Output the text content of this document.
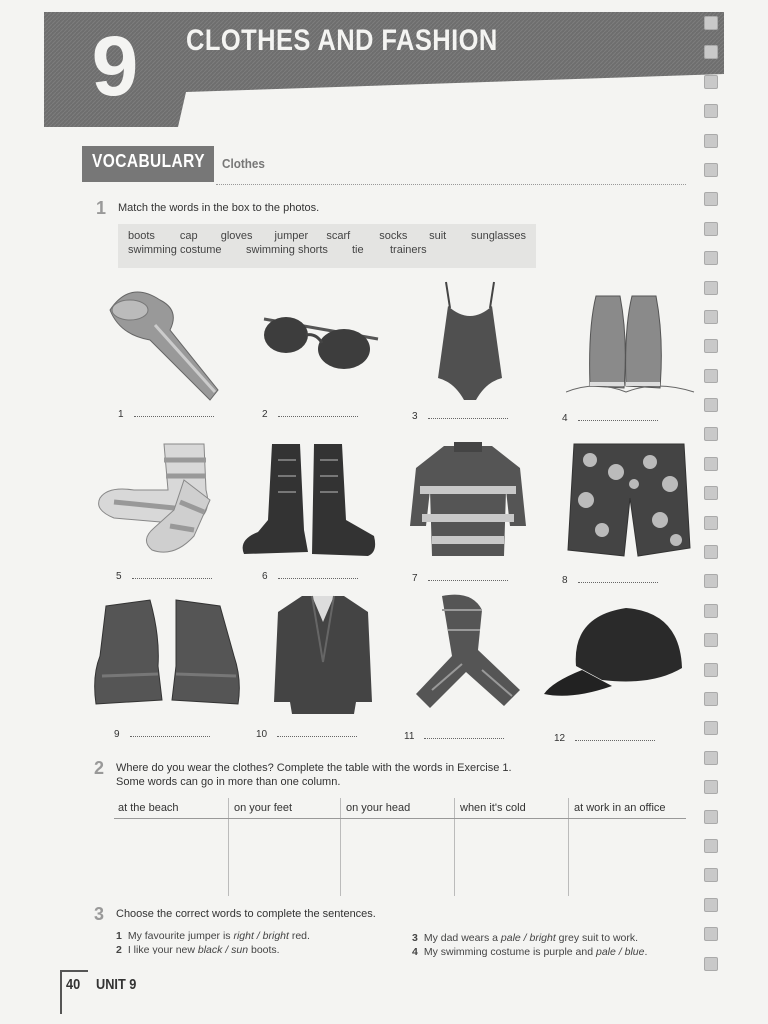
9 CLOTHES AND FASHION
VOCABULARY Clothes
1 Match the words in the box to the photos.
boots	cap	gloves	jumper	scarf	socks	suit	sunglasses
swimming costume	swimming shorts	tie	trainers
1	2	3	4
5	6	7	8
9	10	11	12
2 Where do you wear the clothes? Complete the table with the words in Exercise 1.
Some words can go in more than one column.
at the beach	on your feet	on your head	when it's cold	at work in an office
3 Choose the correct words to complete the sentences.
1 My favourite jumper is right / bright red.
2 I like your new black / sun boots.
3 My dad wears a pale / bright grey suit to work.
4 My swimming costume is purple and pale / blue.
40 UNIT 9
